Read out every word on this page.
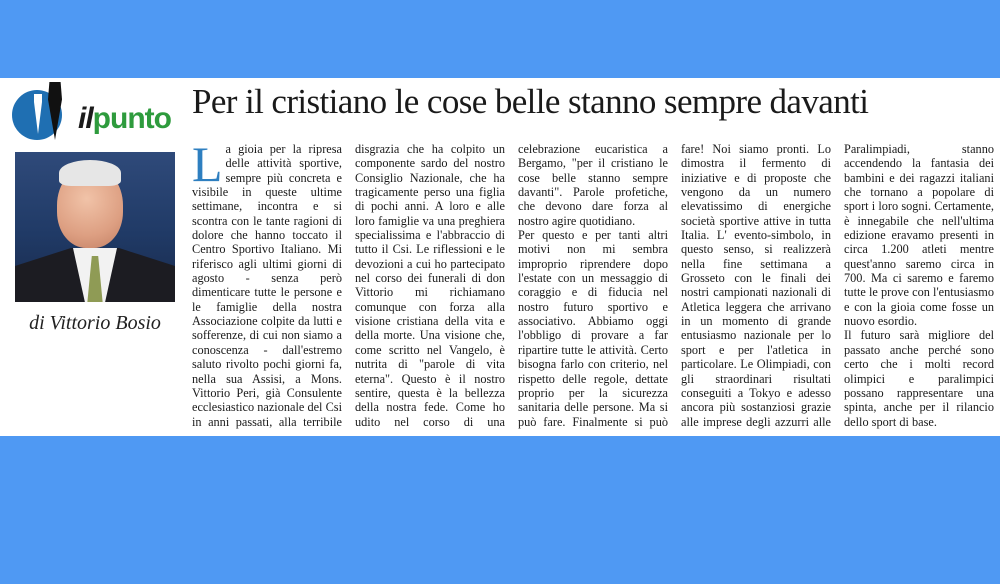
ilpunto Per il cristiano le cose belle stanno sempre davanti
di Vittorio Bosio

La gioia per la ripresa delle attività sportive, sempre più concreta e visibile in queste ultime settimane, incontra e si scontra con le tante ragioni di dolore che hanno toccato il Centro Sportivo Italiano. Mi riferisco agli ultimi giorni di agosto - senza però dimenticare tutte le persone e le famiglie della nostra Associazione colpite da lutti e sofferenze, di cui non siamo a conoscenza - dall'estremo saluto rivolto pochi giorni fa, nella sua Assisi, a Mons. Vittorio Peri, già Consulente ecclesiastico nazionale del Csi in anni passati, alla terribile disgrazia che ha colpito un componente sardo del nostro Consiglio Nazionale, che ha tragicamente perso una figlia di pochi anni. A loro e alle loro famiglie va una preghiera specialissima e l'abbraccio di tutto il Csi. Le riflessioni e le devozioni a cui ho partecipato nel corso dei funerali di don Vittorio mi richiamano comunque con forza alla visione cristiana della vita e della morte. Una visione che, come scritto nel Vangelo, è nutrita di "parole di vita eterna". Questo è il nostro sentire, questa è la bellezza della nostra fede. Come ho udito nel corso di una celebrazione eucaristica a Bergamo, "per il cristiano le cose belle stanno sempre davanti". Parole profetiche, che devono dare forza al nostro agire quotidiano.

Per questo e per tanti altri motivi non mi sembra improprio riprendere dopo l'estate con un messaggio di coraggio e di fiducia nel nostro futuro sportivo e associativo. Abbiamo oggi l'obbligo di provare a far ripartire tutte le attività. Certo bisogna farlo con criterio, nel rispetto delle regole, dettate proprio per la sicurezza sanitaria delle persone. Ma si può fare. Finalmente si può fare! Noi siamo pronti. Lo dimostra il fermento di iniziative e di proposte che vengono da un numero elevatissimo di energiche società sportive attive in tutta Italia. L' evento-simbolo, in questo senso, si realizzerà nella fine settimana a Grosseto con le finali dei nostri campionati nazionali di Atletica leggera che arrivano in un momento di grande entusiasmo nazionale per lo sport e per l'atletica in particolare. Le Olimpiadi, con gli straordinari risultati conseguiti a Tokyo e adesso ancora più sostanziosi grazie alle imprese degli azzurri alle Paralimpiadi, stanno accendendo la fantasia dei bambini e dei ragazzi italiani che tornano a popolare di sport i loro sogni. Certamente, è innegabile che nell'ultima edizione eravamo presenti in circa 1.200 atleti mentre quest'anno saremo circa in 700. Ma ci saremo e faremo tutte le prove con l'entusiasmo e con la gioia come fosse un nuovo esordio.

Il futuro sarà migliore del passato anche perché sono certo che i molti record olimpici e paralimpici possano rappresentare una spinta, anche per il rilancio dello sport di base.
